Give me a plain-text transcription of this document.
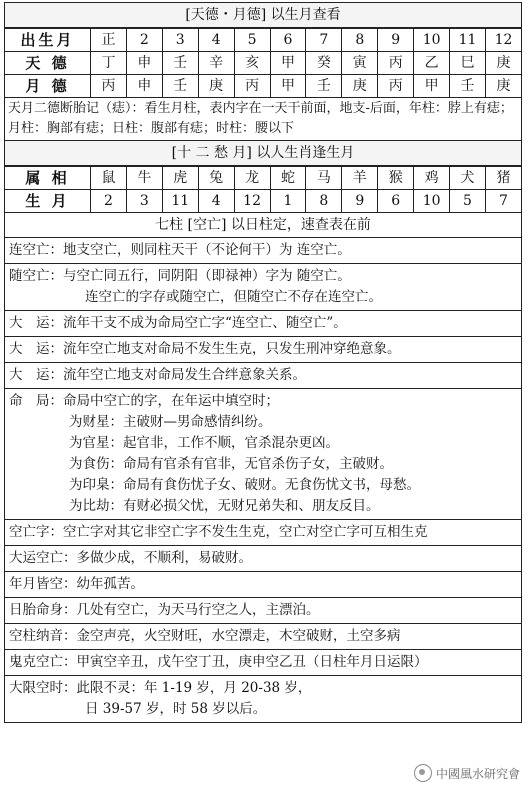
[天德・月德] 以生月查看
出生月	正	2	3	4	5	6	7	8	9	10	11	12
天 德	丁	申	壬	辛	亥	甲	癸	寅	丙	乙	巳	庚
月 德	丙	申	壬	庚	丙	甲	壬	庚	丙	甲	壬	庚
天月二德断胎记（痣）：看生月柱，表内字在一天干前面，地支-后面，年柱：脖上有痣；月柱：胸部有痣；日柱：腹部有痣；时柱：腰以下
[十 二 愁 月] 以人生肖逢生月
属 相	鼠	牛	虎	兔	龙	蛇	马	羊	猴	鸡	犬	猪
生 月	2	3	11	4	12	1	8	9	6	10	5	7
七柱 [空亡] 以日柱定，速查表在前
连空亡：地支空亡，则同柱天干（不论何干）为 连空亡。
随空亡：与空亡同五行，同阴阳（即禄神）字为 随空亡。
连空亡的字存或随空亡，但随空亡不存在连空亡。
大　运：流年干支不成为命局空亡字“连空亡、随空亡”。
大　运：流年空亡地支对命局不发生生克，只发生刑冲穿绝意象。
大　运：流年空亡地支对命局发生合绊意象关系。
命　局：命局中空亡的字，在年运中填空时；
为财星：主破财—男命感情纠纷。
为官星：起官非，工作不顺，官杀混杂更凶。
为食伤：命局有官杀有官非，无官杀伤子女，主破财。
为印臬：命局有食伤忧子女、破财。无食伤忧文书，母愁。
为比劫：有财必损父忧，无财兄弟失和、朋友反目。
空亡字：空亡字对其它非空亡字不发生生克，空亡对空亡字可互相生克
大运空亡：多做少成，不顺利，易破财。
年月皆空：幼年孤苦。
日胎命身：几处有空亡，为天马行空之人，主漂泊。
空柱纳音：金空声亮，火空财旺，水空漂走，木空破财，土空多病
鬼克空亡：甲寅空辛丑，戊午空丁丑，庚申空乙丑（日柱年月日运限）
大限空时：此限不灵：年 1-19 岁，月 20-38 岁，
日 39-57 岁，时 58 岁以后。
中國風水研究會
